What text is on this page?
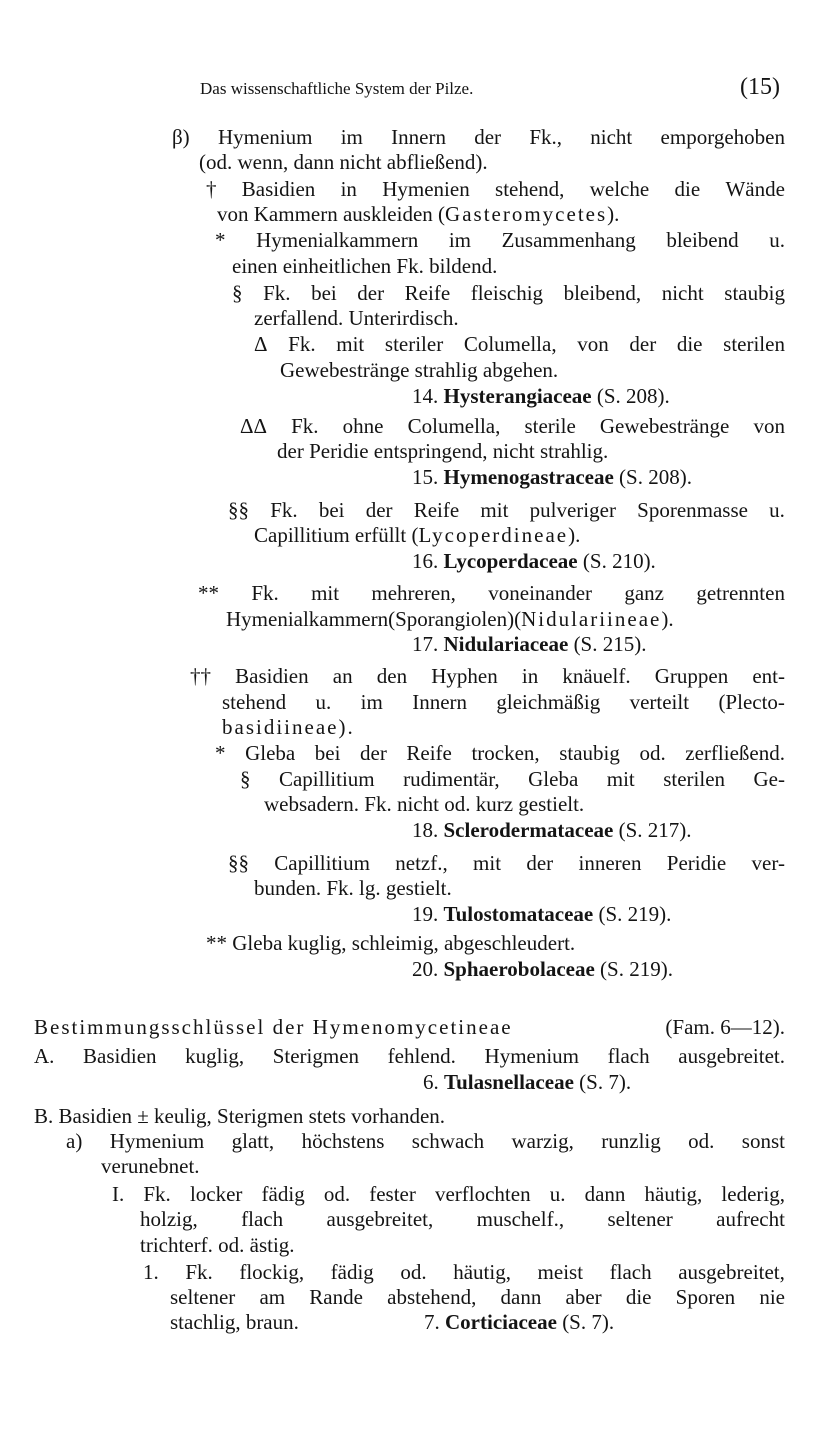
Das wissenschaftliche System der Pilze.	(15)
β) Hymenium im Innern der Fk., nicht emporgehoben
(od. wenn, dann nicht abfließend).
† Basidien in Hymenien stehend, welche die Wände
von Kammern auskleiden (Gasteromycetes).
* Hymenialkammern im Zusammenhang bleibend u.
einen einheitlichen Fk. bildend.
§ Fk. bei der Reife fleischig bleibend, nicht staubig
zerfallend. Unterirdisch.
Δ Fk. mit steriler Columella, von der die sterilen
Gewebestränge strahlig abgehen.
14. Hysterangiaceae (S. 208).
ΔΔ Fk. ohne Columella, sterile Gewebestränge von
der Peridie entspringend, nicht strahlig.
15. Hymenogastraceae (S. 208).
§§ Fk. bei der Reife mit pulveriger Sporenmasse u.
Capillitium erfüllt (Lycoperdineae).
16. Lycoperdaceae (S. 210).
** Fk. mit mehreren, voneinander ganz getrennten
Hymenialkammern(Sporangiolen)(Nidulariineae).
17. Nidulariaceae (S. 215).
†† Basidien an den Hyphen in knäuelf. Gruppen ent-
stehend u. im Innern gleichmäßig verteilt (Plecto-
basidiineae).
* Gleba bei der Reife trocken, staubig od. zerfließend.
§ Capillitium rudimentär, Gleba mit sterilen Ge-
websadern. Fk. nicht od. kurz gestielt.
18. Sclerodermataceae (S. 217).
§§ Capillitium netzf., mit der inneren Peridie ver-
bunden. Fk. lg. gestielt.
19. Tulostomataceae (S. 219).
** Gleba kuglig, schleimig, abgeschleudert.
20. Sphaerobolaceae (S. 219).
Bestimmungsschlüssel der Hymenomycetineae	(Fam. 6—12).
A. Basidien kuglig, Sterigmen fehlend. Hymenium flach ausgebreitet.
6. Tulasnellaceae (S. 7).
B. Basidien ± keulig, Sterigmen stets vorhanden.
a) Hymenium glatt, höchstens schwach warzig, runzlig od. sonst
verunebnet.
I. Fk. locker fädig od. fester verflochten u. dann häutig, lederig,
holzig, flach ausgebreitet, muschelf., seltener aufrecht
trichterf. od. ästig.
1. Fk. flockig, fädig od. häutig, meist flach ausgebreitet,
seltener am Rande abstehend, dann aber die Sporen nie
stachlig, braun.	7. Corticiaceae (S. 7).
